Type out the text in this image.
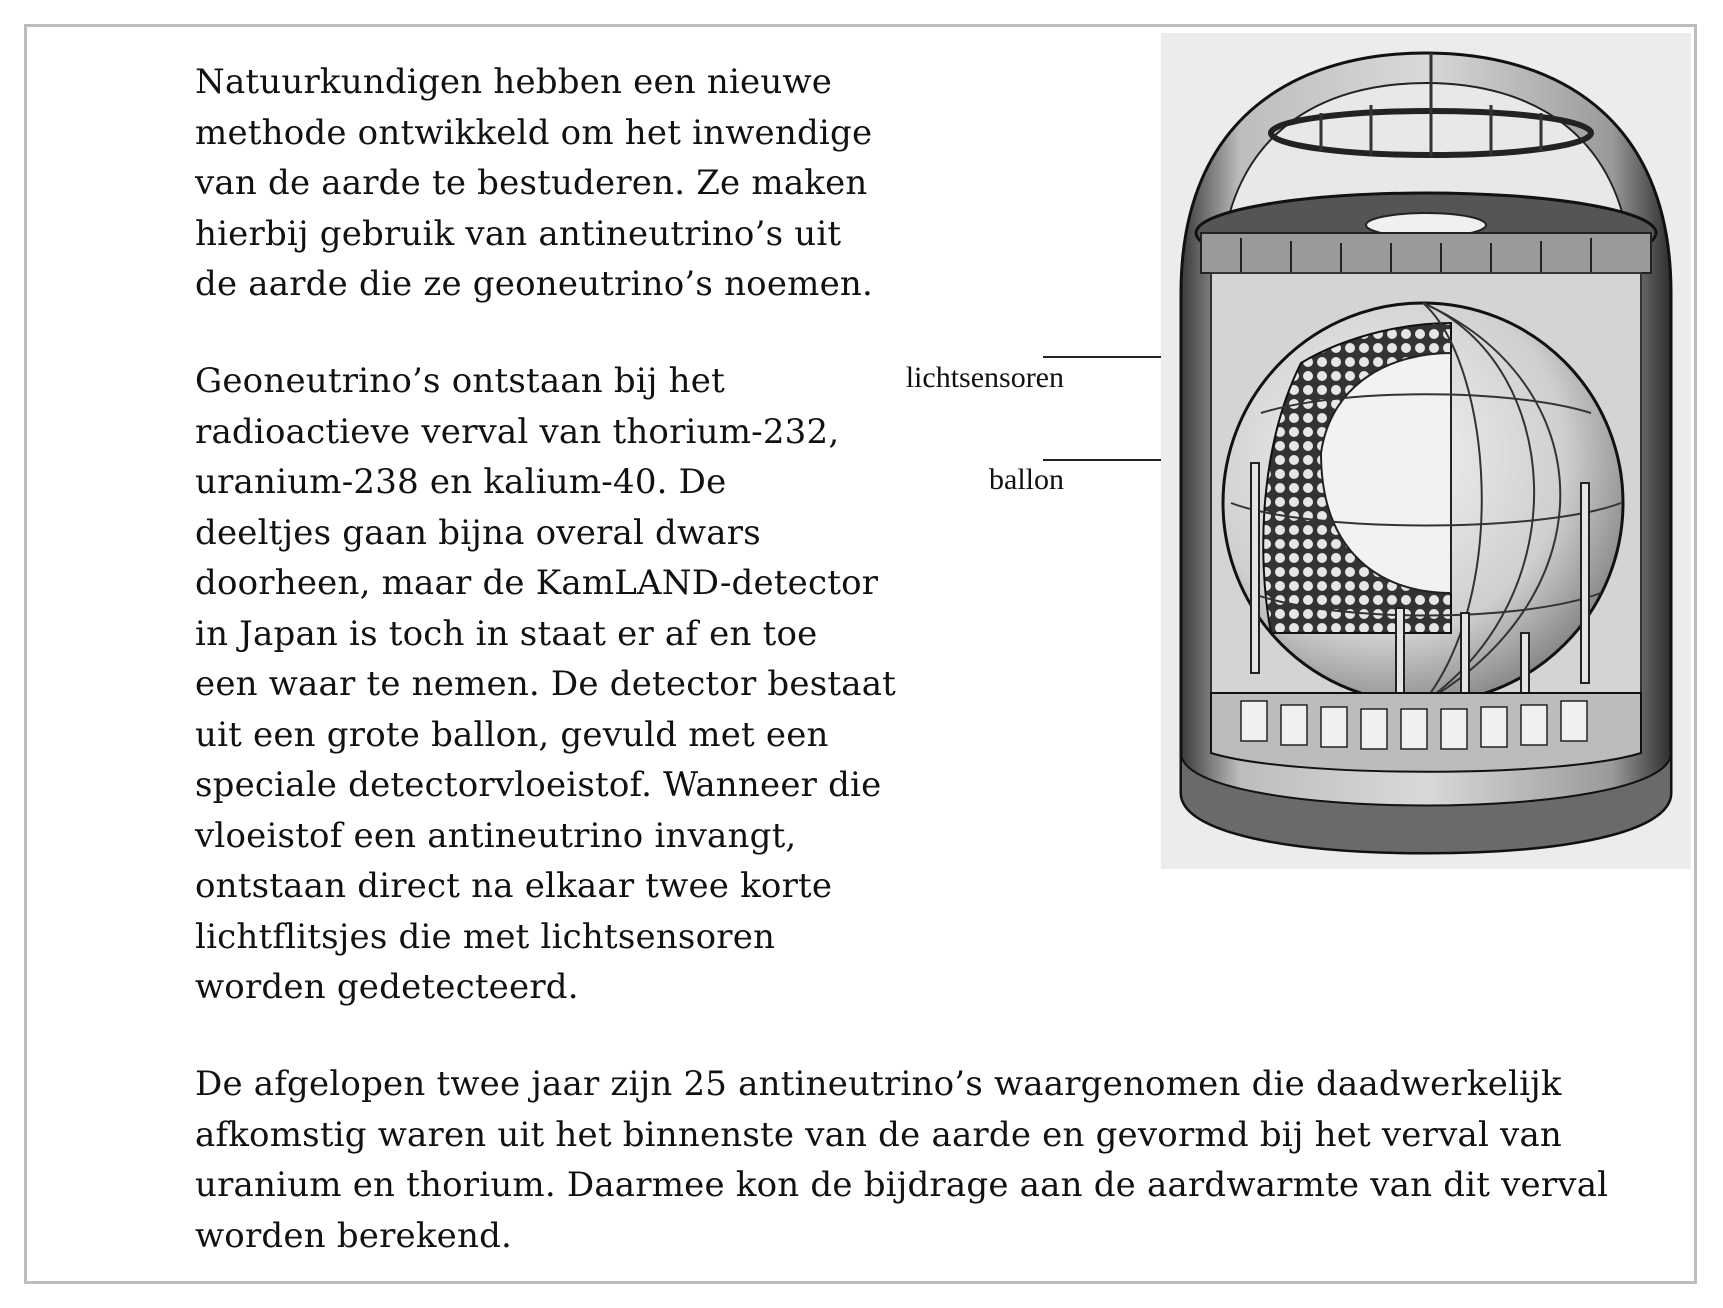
Natuurkundigen hebben een nieuwe
methode ontwikkeld om het inwendige
van de aarde te bestuderen. Ze maken
hierbij gebruik van antineutrino’s uit
de aarde die ze geoneutrino’s noemen.

Geoneutrino’s ontstaan bij het
radioactieve verval van thorium-232,
uranium-238 en kalium-40. De
deeltjes gaan bijna overal dwars
doorheen, maar de KamLAND-detector
in Japan is toch in staat er af en toe
een waar te nemen. De detector bestaat
uit een grote ballon, gevuld met een
speciale detectorvloeistof. Wanneer die
vloeistof een antineutrino invangt,
ontstaan direct na elkaar twee korte
lichtflitsjes die met lichtsensoren
worden gedetecteerd.

De afgelopen twee jaar zijn 25 antineutrino’s waargenomen die daadwerkelijk
afkomstig waren uit het binnenste van de aarde en gevormd bij het verval van
uranium en thorium. Daarmee kon de bijdrage aan de aardwarmte van dit verval
worden berekend.

lichtsensoren
ballon
